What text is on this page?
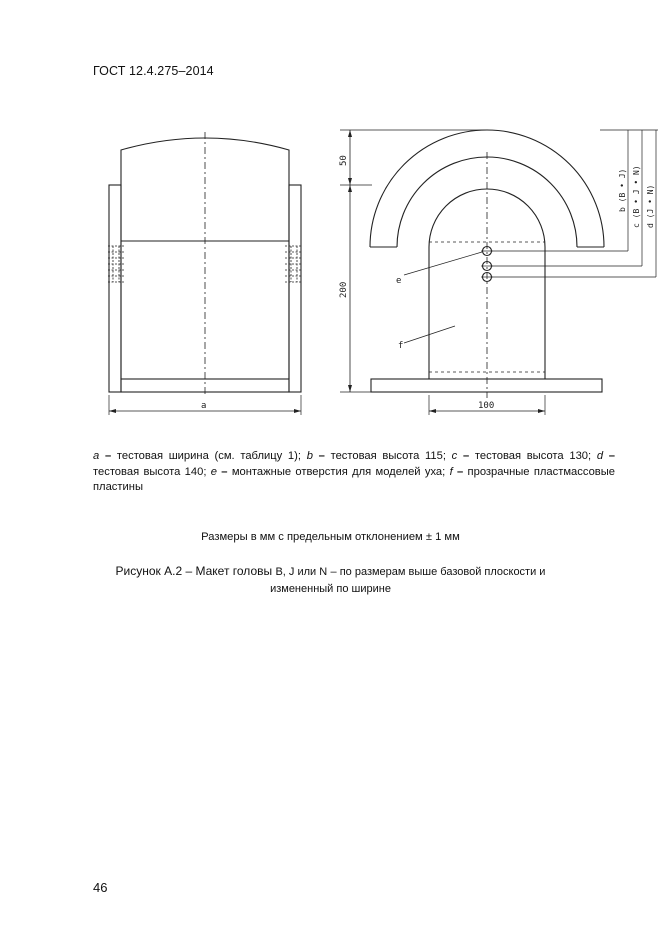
ГОСТ 12.4.275–2014
a	100
50
200
e
f
b (B • J) c (B • J • N) d (J • N)
a – тестовая ширина (см. таблицу 1); b – тестовая высота 115; c – тестовая высота 130; d – тестовая высота 140; e – монтажные отверстия для моделей уха; f – прозрачные пластмассовые пластины
Размеры в мм с предельным отклонением ± 1 мм
Рисунок А.2 – Макет головы B, J или N – по размерам выше базовой плоскости и
измененный по ширине
46
